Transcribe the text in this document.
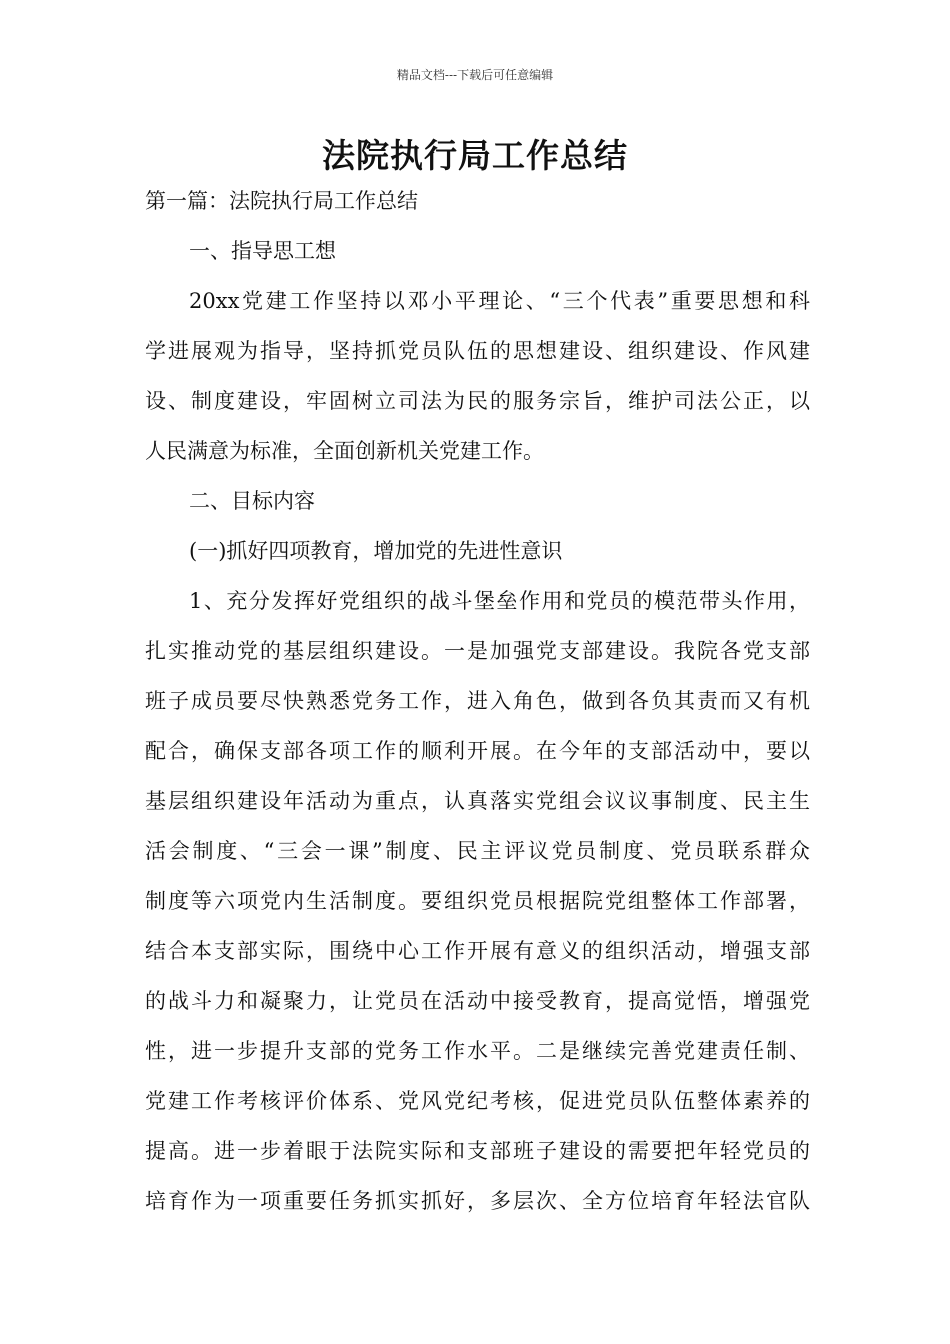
精品文档---下载后可任意编辑
法院执行局工作总结
第一篇：法院执行局工作总结
一、指导思工想
20xx党建工作坚持以邓小平理论、“三个代表”重要思想和科
学进展观为指导，坚持抓党员队伍的思想建设、组织建设、作风建
设、制度建设，牢固树立司法为民的服务宗旨，维护司法公正，以
人民满意为标准，全面创新机关党建工作。
二、目标内容
(一)抓好四项教育，增加党的先进性意识
1、充分发挥好党组织的战斗堡垒作用和党员的模范带头作用，
扎实推动党的基层组织建设。一是加强党支部建设。我院各党支部
班子成员要尽快熟悉党务工作，进入角色，做到各负其责而又有机
配合，确保支部各项工作的顺利开展。在今年的支部活动中，要以
基层组织建设年活动为重点，认真落实党组会议议事制度、民主生
活会制度、“三会一课”制度、民主评议党员制度、党员联系群众
制度等六项党内生活制度。要组织党员根据院党组整体工作部署，
结合本支部实际，围绕中心工作开展有意义的组织活动，增强支部
的战斗力和凝聚力，让党员在活动中接受教育，提高觉悟，增强党
性，进一步提升支部的党务工作水平。二是继续完善党建责任制、
党建工作考核评价体系、党风党纪考核，促进党员队伍整体素养的
提高。进一步着眼于法院实际和支部班子建设的需要把年轻党员的
培育作为一项重要任务抓实抓好，多层次、全方位培育年轻法官队
